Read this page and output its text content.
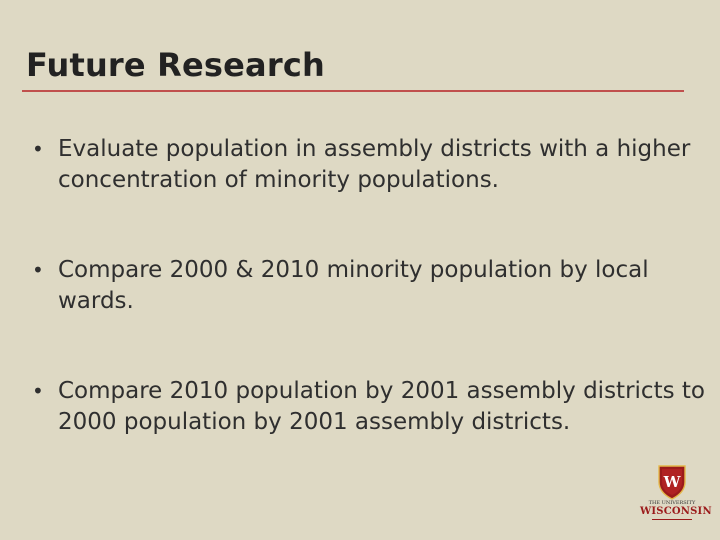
Future Research
• Evaluate population in assembly districts with a higher concentration of minority populations.
• Compare 2000 & 2010 minority population by local wards.
• Compare 2010 population by 2001 assembly districts to 2000 population by 2001 assembly districts.
W
THE UNIVERSITY
WISCONSIN
